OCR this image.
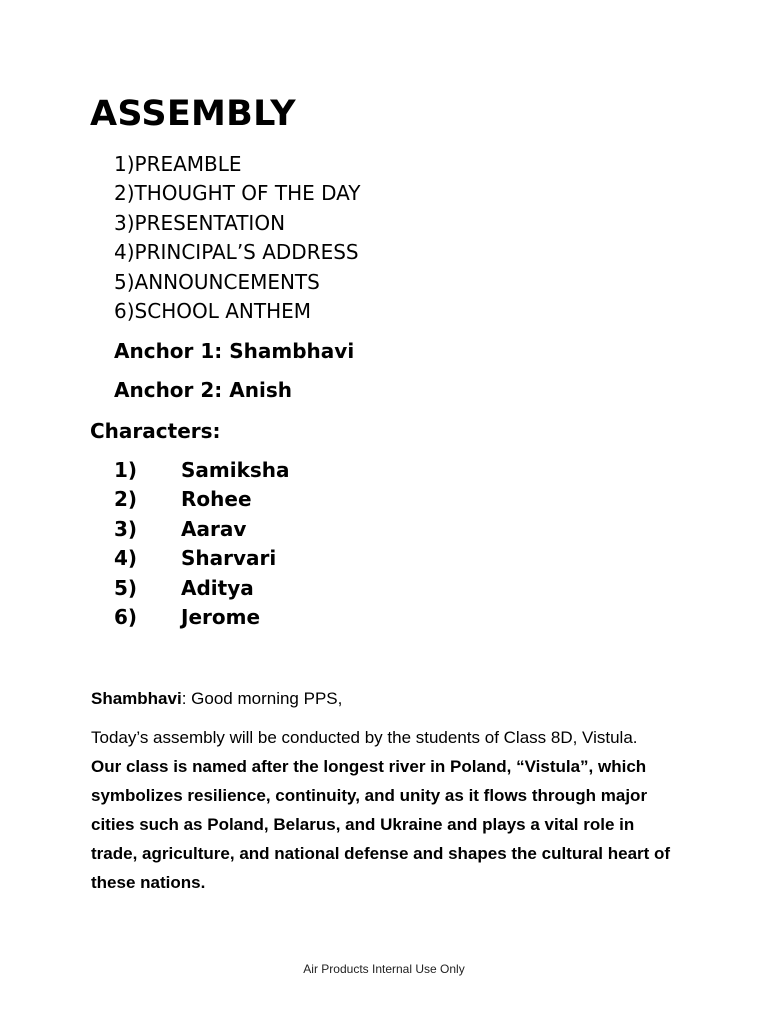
ASSEMBLY
1)PREAMBLE
2)THOUGHT OF THE DAY
3)PRESENTATION
4)PRINCIPAL’S ADDRESS
5)ANNOUNCEMENTS
6)SCHOOL ANTHEM
Anchor 1: Shambhavi
Anchor 2: Anish
Characters:
1)	Samiksha
2)	Rohee
3)	Aarav
4)	Sharvari
5)	Aditya
6)	Jerome
Shambhavi: Good morning PPS,
Today’s assembly will be conducted by the students of Class 8D, Vistula.
Our class is named after the longest river in Poland, “Vistula”, which symbolizes resilience, continuity, and unity as it flows through major cities such as Poland, Belarus, and Ukraine and plays a vital role in trade, agriculture, and national defense and shapes the cultural heart of these nations.
Air Products Internal Use Only
